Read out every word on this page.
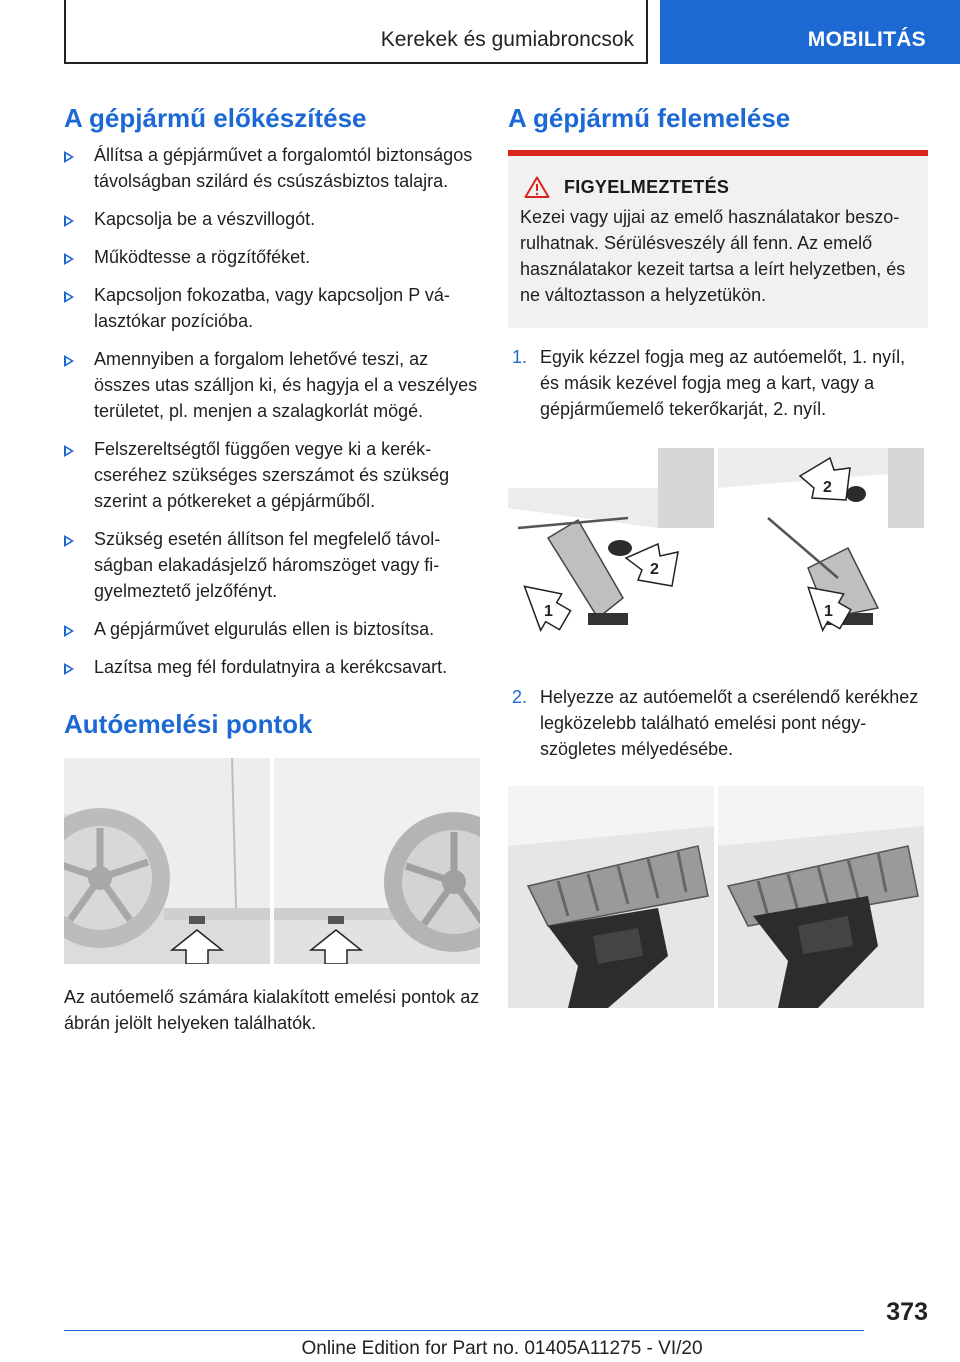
Kerekek és gumiabroncsok	MOBILITÁS
A gépjármű előkészítése
Állítsa a gépjárművet a forgalomtól biztonságos távolságban szilárd és csúszásbiztos talajra.
Kapcsolja be a vészvillogót.
Működtesse a rögzítőféket.
Kapcsoljon fokozatba, vagy kapcsoljon P választókar pozícióba.
Amennyiben a forgalom lehetővé teszi, az összes utas szálljon ki, és hagyja el a veszélyes területet, pl. menjen a szalagkorlát mögé.
Felszereltségtől függően vegye ki a kerékcseréhez szükséges szerszámot és szükség szerint a pótkereket a gépjárműből.
Szükség esetén állítson fel megfelelő távolságban elakadásjelző háromszöget vagy figyelmeztető jelzőfényt.
A gépjárművet elgurulás ellen is biztosítsa.
Lazítsa meg fél fordulatnyira a kerékcsavart.
Autóemelési pontok

Az autóemelő számára kialakított emelési pontok az ábrán jelölt helyeken találhatók.

A gépjármű felemelése
FIGYELMEZTETÉS

Kezei vagy ujjai az emelő használatakor beszorulhatnak. Sérülésveszély áll fenn. Az emelő használatakor kezeit tartsa a leírt helyzetben, és ne változtasson a helyzetükön.

1. Egyik kézzel fogja meg az autóemelőt, 1. nyíl, és másik kezével fogja meg a kart, vagy a gépjárműemelő tekerőkarját, 2. nyíl.
2
1
2
1
2. Helyezze az autóemelőt a cserélendő kerékhez legközelebb található emelési pont négyszögletes mélyedésébe.
373
Online Edition for Part no. 01405A11275 - VI/20
